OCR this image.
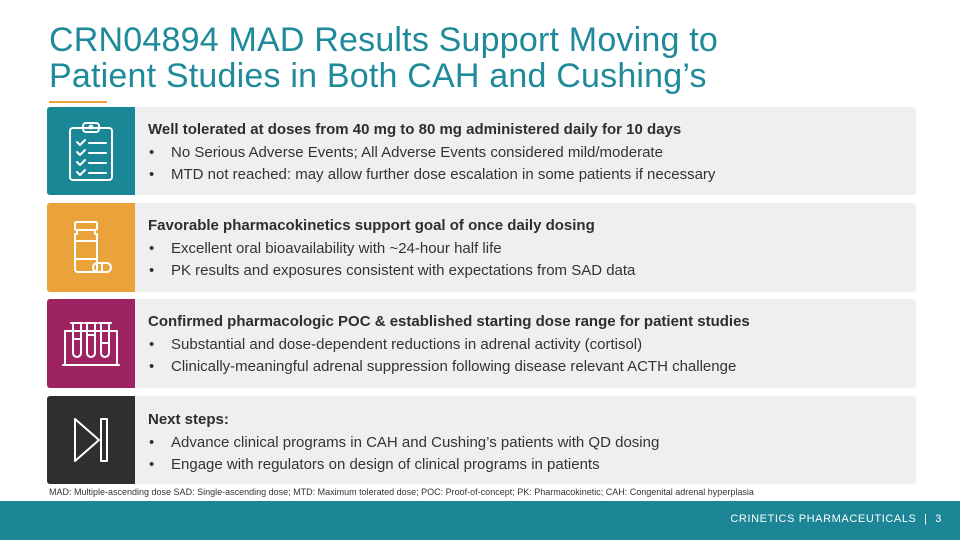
CRN04894 MAD Results Support Moving to
Patient Studies in Both CAH and Cushing’s
Well tolerated at doses from 40 mg to 80 mg administered daily for 10 days
• No Serious Adverse Events; All Adverse Events considered mild/moderate
• MTD not reached: may allow further dose escalation in some patients if necessary
Favorable pharmacokinetics support goal of once daily dosing
• Excellent oral bioavailability with ~24-hour half life
• PK results and exposures consistent with expectations from SAD data
Confirmed pharmacologic POC & established starting dose range for patient studies
• Substantial and dose-dependent reductions in adrenal activity (cortisol)
• Clinically-meaningful adrenal suppression following disease relevant ACTH challenge
Next steps:
• Advance clinical programs in CAH and Cushing’s patients with QD dosing
• Engage with regulators on design of clinical programs in patients
MAD: Multiple-ascending dose SAD: Single-ascending dose; MTD: Maximum tolerated dose; POC: Proof-of-concept; PK: Pharmacokinetic; CAH: Congenital adrenal hyperplasia
CRINETICS PHARMACEUTICALS | 3
